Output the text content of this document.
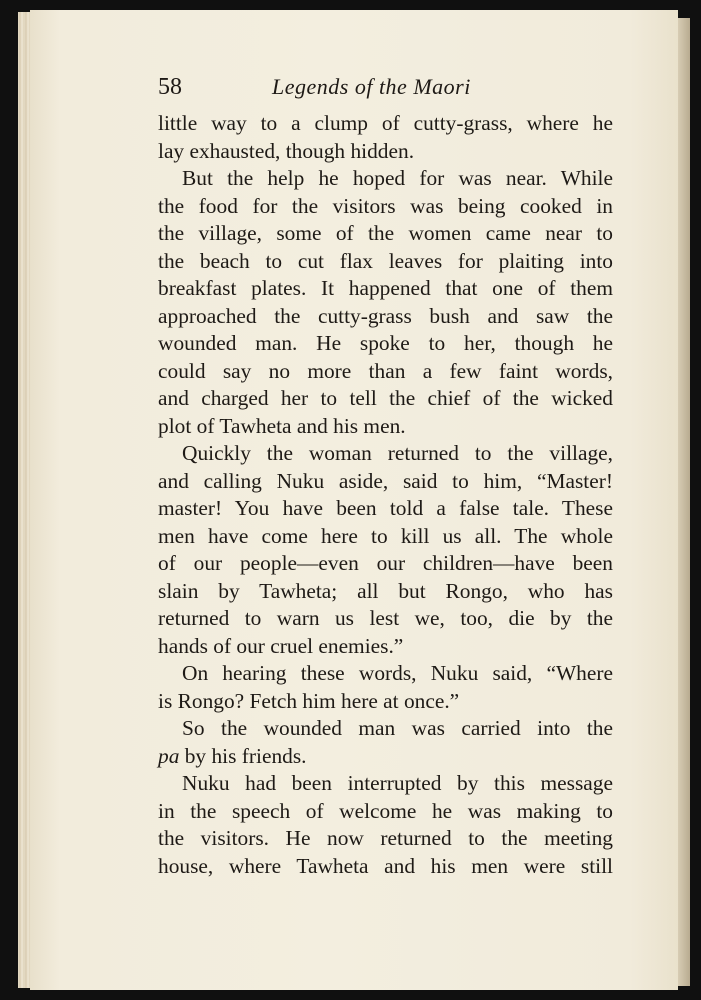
58	Legends of the Maori
little way to a clump of cutty-grass, where he
lay exhausted, though hidden.
But the help he hoped for was near. While
the food for the visitors was being cooked in
the village, some of the women came near to
the beach to cut flax leaves for plaiting into
breakfast plates. It happened that one of them
approached the cutty-grass bush and saw the
wounded man. He spoke to her, though he
could say no more than a few faint words,
and charged her to tell the chief of the wicked
plot of Tawheta and his men.
Quickly the woman returned to the village,
and calling Nuku aside, said to him, “Master!
master! You have been told a false tale. These
men have come here to kill us all. The whole
of our people—even our children—have been
slain by Tawheta; all but Rongo, who has
returned to warn us lest we, too, die by the
hands of our cruel enemies.”
On hearing these words, Nuku said, “Where
is Rongo? Fetch him here at once.”
So the wounded man was carried into the
pa by his friends.
Nuku had been interrupted by this message
in the speech of welcome he was making to
the visitors. He now returned to the meeting
house, where Tawheta and his men were still
